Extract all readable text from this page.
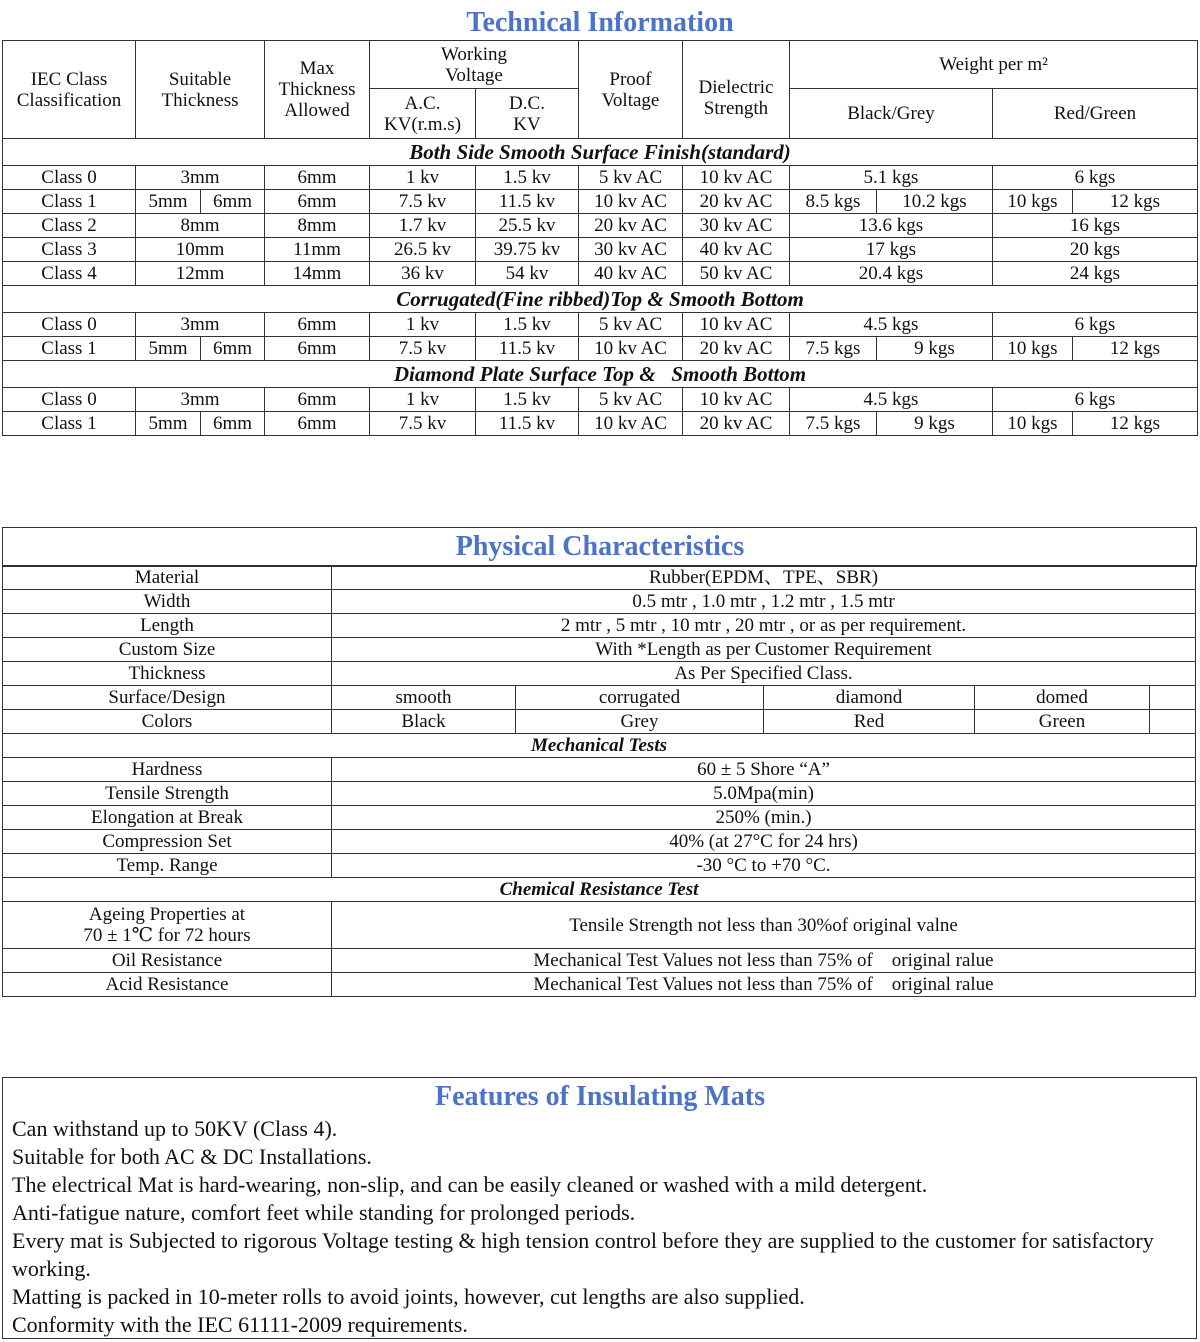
Technical Information
IEC Class Classification	Suitable Thickness		Max Thickness Allowed	Working Voltage		Proof Voltage	Dielectric Strength	Weight per m²			
				A.C. KV(r.m.s)	D.C. KV			Black/Grey		Red/Green	
Both Side Smooth Surface Finish(standard)											
Class 0	3mm		6mm	1 kv	1.5 kv	5 kv AC	10 kv AC	5.1 kgs		6 kgs	
Class 1	5mm	6mm	6mm	7.5 kv	11.5 kv	10 kv AC	20 kv AC	8.5 kgs	10.2 kgs	10 kgs	12 kgs
Class 2	8mm		8mm	1.7 kv	25.5 kv	20 kv AC	30 kv AC	13.6 kgs		16 kgs	
Class 3	10mm		11mm	26.5 kv	39.75 kv	30 kv AC	40 kv AC	17 kgs		20 kgs	
Class 4	12mm		14mm	36 kv	54 kv	40 kv AC	50 kv AC	20.4 kgs		24 kgs	
Corrugated(Fine ribbed)Top & Smooth Bottom											
Class 0	3mm		6mm	1 kv	1.5 kv	5 kv AC	10 kv AC	4.5 kgs		6 kgs	
Class 1	5mm	6mm	6mm	7.5 kv	11.5 kv	10 kv AC	20 kv AC	7.5 kgs	9 kgs	10 kgs	12 kgs
Diamond Plate Surface Top &   Smooth Bottom											
Class 0	3mm		6mm	1 kv	1.5 kv	5 kv AC	10 kv AC	4.5 kgs		6 kgs	
Class 1	5mm	6mm	6mm	7.5 kv	11.5 kv	10 kv AC	20 kv AC	7.5 kgs	9 kgs	10 kgs	12 kgs
Physical Characteristics
Material	Rubber(EPDM、TPE、SBR)				
Width	0.5 mtr , 1.0 mtr , 1.2 mtr , 1.5 mtr				
Length	2 mtr , 5 mtr , 10 mtr , 20 mtr , or as per requirement.				
Custom Size	With *Length as per Customer Requirement				
Thickness	As Per Specified Class.				
Surface/Design	smooth	corrugated	diamond	domed	
Colors	Black	Grey	Red	Green	
Mechanical Tests					
Hardness	60 ± 5 Shore “A”				
Tensile Strength	5.0Mpa(min)				
Elongation at Break	250% (min.)				
Compression Set	40% (at 27°C for 24 hrs)				
Temp. Range	-30 °C to +70 °C.				
Chemical Resistance Test					

Ageing Properties at
70 ± 1℃ for 72 hours	Tensile Strength not less than 30%of original valne				
Oil Resistance	Mechanical Test Values not less than 75% of    original ralue				
Acid Resistance	Mechanical Test Values not less than 75% of    original ralue				
Features of Insulating Mats
Can withstand up to 50KV (Class 4).
Suitable for both AC & DC Installations.
The electrical Mat is hard-wearing, non-slip, and can be easily cleaned or washed with a mild detergent.
Anti-fatigue nature, comfort feet while standing for prolonged periods.
Every mat is Subjected to rigorous Voltage testing & high tension control before they are supplied to the customer for satisfactory working.
Matting is packed in 10-meter rolls to avoid joints, however, cut lengths are also supplied.
Conformity with the IEC 61111-2009 requirements.
